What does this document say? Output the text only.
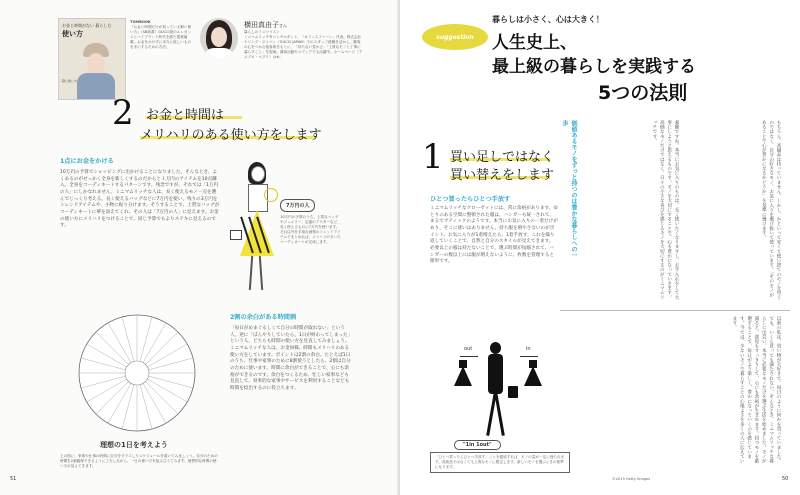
お金と時間がない 暮らし方
使い方
賢い使い方
TOMBOOK
『お金と時間だけが知っている賢い使い方』（SB新書）GUCCI発のエレガンスとハイブランド時代を経た提案満載。お金をかけずに本当に欲しいものを手にするための方法。
横田真由子さん
暮らしのミニマリスト
ミニマムリッチ®コンサルタント。「オフィスファーレ」代表。株式会社ケリング・ジャパン（GUCCI JAPAN）でのスタッフ経験を活かし、顧客の心をつかむ接客術をもとに、「持たない豊かさ」「上質なモノと丁寧に暮らすこと」を提案。講演活動やメディアでも活躍中。ホームページ（アメブロ・ペプリ）は※。
2 お金と時間は
メリハリのある使い方をします
1点にお金をかける
10万円の予算でショッピングに出かけることになりました。そんなとき、よくあるのがせっかく全身を新しくするのだからと１万円のアイテムを10点購入、全身をコーディネートするパターンです。残念ですが、それでは「1万円の人」にしかなれません。ミニマムリッチな人は、長く使えるモノ一点を選んでじっくり考える。長く使えるバッグなどに7万円を使い、残りの3万円をトレンドアイテムや、小物に振り分けます。そうすることで、上質なバッグがコーディネートに華を添えてくれ、その人は「7万円の人」に見えます。お金の使い方にメリハリをつけることで、同じ予算でもよりステキに見えるのです。
7万円の人
10万円の予算のうち、上質なバッグやジュエリー、定番のアウターなど、長く使えるものに7万円を使います。それ以外を手頃な価格のトレンドアイテムでまとめれば、メリハリのきいたコーディネートが完成します。
2割の余白がある時間割
「毎日がめまぐるしくて自分の時間が取れない」という人。逆に「ぼんやりしていたら、1日が終わってしまった」という人、どちらも時間の使い方を見直してみましょう。ミニマムリッチな人は、お金同様、時間もメリハリのある使い方をしています。ポイントは2割の余白。たとえば1日のうち、仕事や家事のために8割使うとしたら、2割は自分のために使います。時間に余白ができることで、心にも余裕ができるのです。余白をつくるため、忙しい家事なども見直して、効率的な家事やサービスを利用することなども時間を捻出するのに役立ちます。
理想の1日を考えよう
上の図に、家事や仕事の時間に自分をプラスしたスケジュールを書いてみましょう。自分のための時間を2割確保できるように工夫しながら、一日の使い方を組み立ててみます。理想的な時間の使い方が見えてきます。
51
suggestion
暮らしは小さく、心は大きく！
人生史上、
最上級の暮らしを実践する
5つの法則
1 買い足しではなく
買い替えをします
ひとつ買ったらひとつ手放す
ミニマムリッチなクローゼットには、常に余裕があります。ゆとりのある空間に整頓された服は、ハンガーも統一されて、まるでブティックのようです。本当にお気に入りの一着だけがあり、そこに迷いはありません。持ち服を増やさないのがポイント。お気に入りが1着増えたら、1着手放す。これを繰り返していくことで、自然と自分のスタイルが見えてきます。必要以上の服は持たないことで、選ぶ時間が短縮されて、ハンガーの数以上には服が増えないように、枚数を管理すると簡単です。
out	in
"1in 1out"
「ひとつ買ったらひとつ手放す」ことを徹底すれば、モノの量が一定に保たれます。高級品ではなくても上質なモノに限定します。新しいモノを選ぶときの基準になります。
価値あるモノをずっと持つのは豊かな暮らしへの一歩	素敵ですね。本当にお気に入りのものは、長く使いたくなりますし、お手入れをして大事にしようと思えるものです。モノを大切にすることで、心も豊かになっていきます。高価なモノだけではなく、日々の小さな喜びを感じるモノを大切にするのがミニマムリッチです。	もちろん、高級品は持っていません。しかし、かといって安くて使い捨てのモノを買うのではなく、自分の好きなモノ、お気に入りを選び抜いて使っています。「そのモノがあることで心が豊かになるかどうか」を基準に選びます。
以前の私は、買い物が大好きで、毎日のように何かを買っていました。でも、いくら買っても満たされない。そんなとき、ミニマムリッチな暮らしに出会い、本当に必要なモノだけを選ぶ生活を始めました。モノが減ると、部屋もすっきりして、心にも余裕が生まれます。持つモノを厳選することで、毎日がより楽しく、豊かになっていくのを感じています。今では、少ないモノで暮らすことの心地よさを多くの人に伝えています。
©2019 Getty Images	50
